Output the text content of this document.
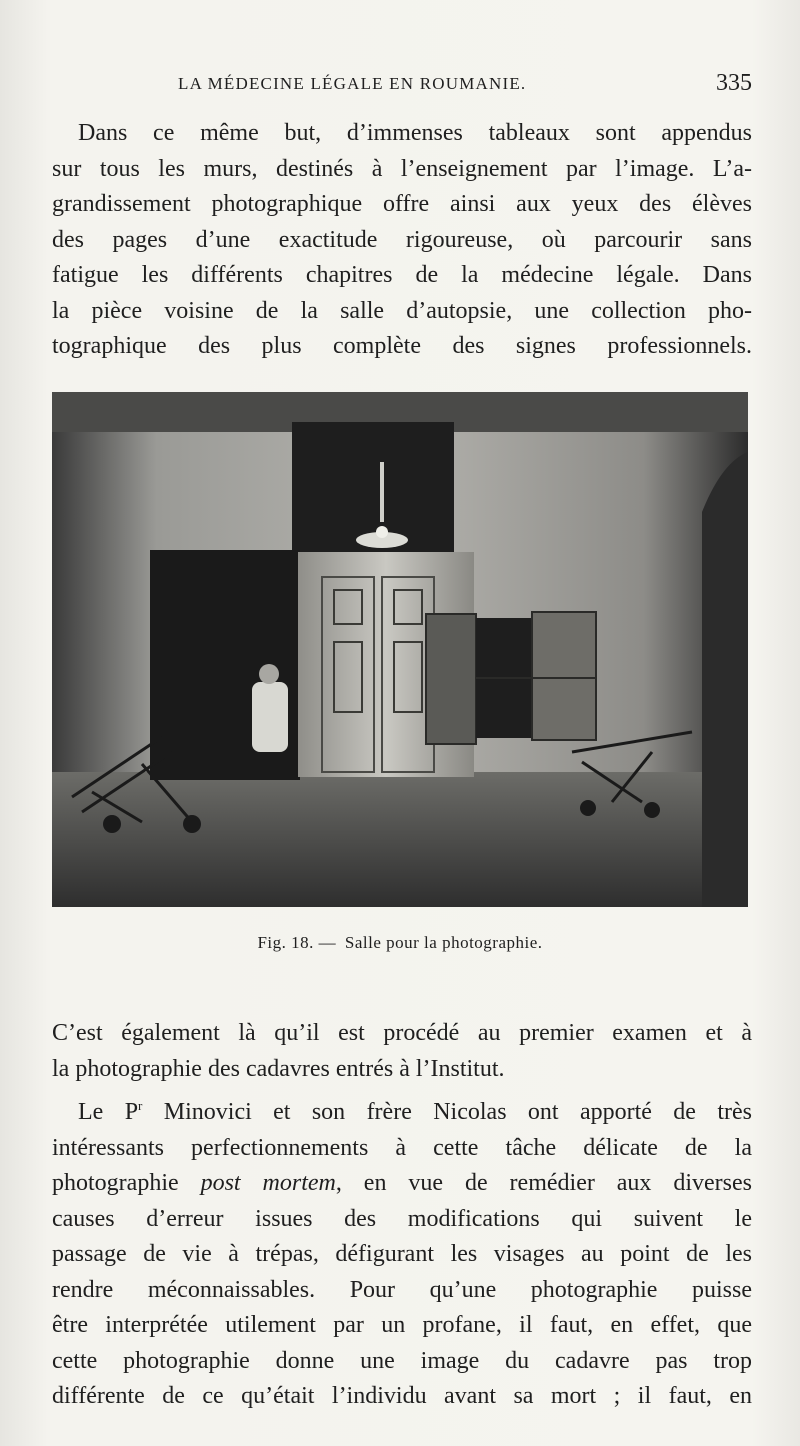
LA MÉDECINE LÉGALE EN ROUMANIE.	335
Dans ce même but, d’immenses tableaux sont appendus
sur tous les murs, destinés à l’enseignement par l’image. L’a-
grandissement photographique offre ainsi aux yeux des élèves
des pages d’une exactitude rigoureuse, où parcourir sans
fatigue les différents chapitres de la médecine légale. Dans
la pièce voisine de la salle d’autopsie, une collection pho-
tographique des plus complète des signes professionnels.
Fig. 18. — Salle pour la photographie.
C’est également là qu’il est procédé au premier examen et à
la photographie des cadavres entrés à l’Institut.
Le $P^r$ Minovici et son frère Nicolas ont apporté de très
intéressants perfectionnements à cette tâche délicate de la
photographie post mortem, en vue de remédier aux diverses
causes d’erreur issues des modifications qui suivent le
passage de vie à trépas, défigurant les visages au point de les
rendre méconnaissables. Pour qu’une photographie puisse
être interprétée utilement par un profane, il faut, en effet, que
cette photographie donne une image du cadavre pas trop
différente de ce qu’était l’individu avant sa mort ; il faut, en
